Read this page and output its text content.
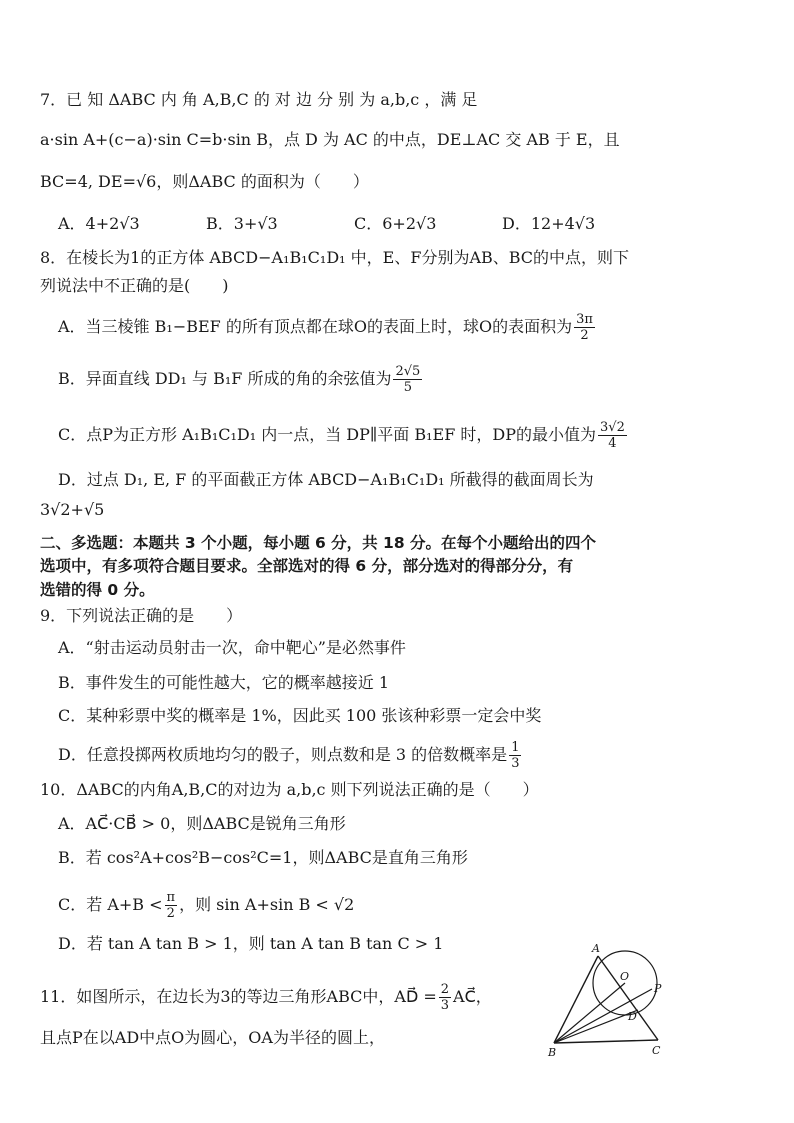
7．已 知 ΔABC 内 角 A,B,C 的 对 边 分 别 为 a,b,c ，满 足
a·sin A+(c−a)·sin C=b·sin B，点 D 为 AC 的中点，DE⊥AC 交 AB 于 E，且
BC=4, DE=√6，则ΔABC 的面积为（　　）
A．4+2√3	B．3+√3	C．6+2√3	D．12+4√3
8．在棱长为1的正方体 ABCD−A₁B₁C₁D₁ 中，E、F分别为AB、BC的中点，则下
列说法中不正确的是(　　)
A．当三棱锥 B₁−BEF 的所有顶点都在球O的表面上时，球O的表面积为 $\frac{3\pi}{2}$
B．异面直线 DD₁ 与 B₁F 所成的角的余弦值为 $\frac{2√5}{5}$
C．点P为正方形 A₁B₁C₁D₁ 内一点，当 DP∥平面 B₁EF 时，DP的最小值为 $\frac{3√2}{4}$
D．过点 D₁, E, F 的平面截正方体 ABCD−A₁B₁C₁D₁ 所截得的截面周长为
3√2+√5
二、多选题：本题共 3 个小题，每小题 6 分，共 18 分。在每个小题给出的四个
选项中，有多项符合题目要求。全部选对的得 6 分，部分选对的得部分分，有
选错的得 0 分。
9．下列说法正确的是　　）
A．“射击运动员射击一次，命中靶心”是必然事件
B．事件发生的可能性越大，它的概率越接近 1
C．某种彩票中奖的概率是 1%，因此买 100 张该种彩票一定会中奖
D．任意投掷两枚质地均匀的骰子，则点数和是 3 的倍数概率是 $\frac{1}{3}$
10．ΔABC的内角A,B,C的对边为 a,b,c 则下列说法正确的是（　　）
A．AC⃗·CB⃗ > 0，则ΔABC是锐角三角形
B．若 cos²A+cos²B−cos²C=1，则ΔABC是直角三角形
C．若 $A+B < \frac{\pi}{2}$ ，则 sin A+sin B < √2
D．若 tan A tan B > 1，则 tan A tan B tan C > 1
11．如图所示，在边长为3的等边三角形ABC中，AD⃗ = $\frac{2}{3}$ AC⃗，
且点P在以AD中点O为圆心，OA为半径的圆上，
A
O
P
D
B	C
